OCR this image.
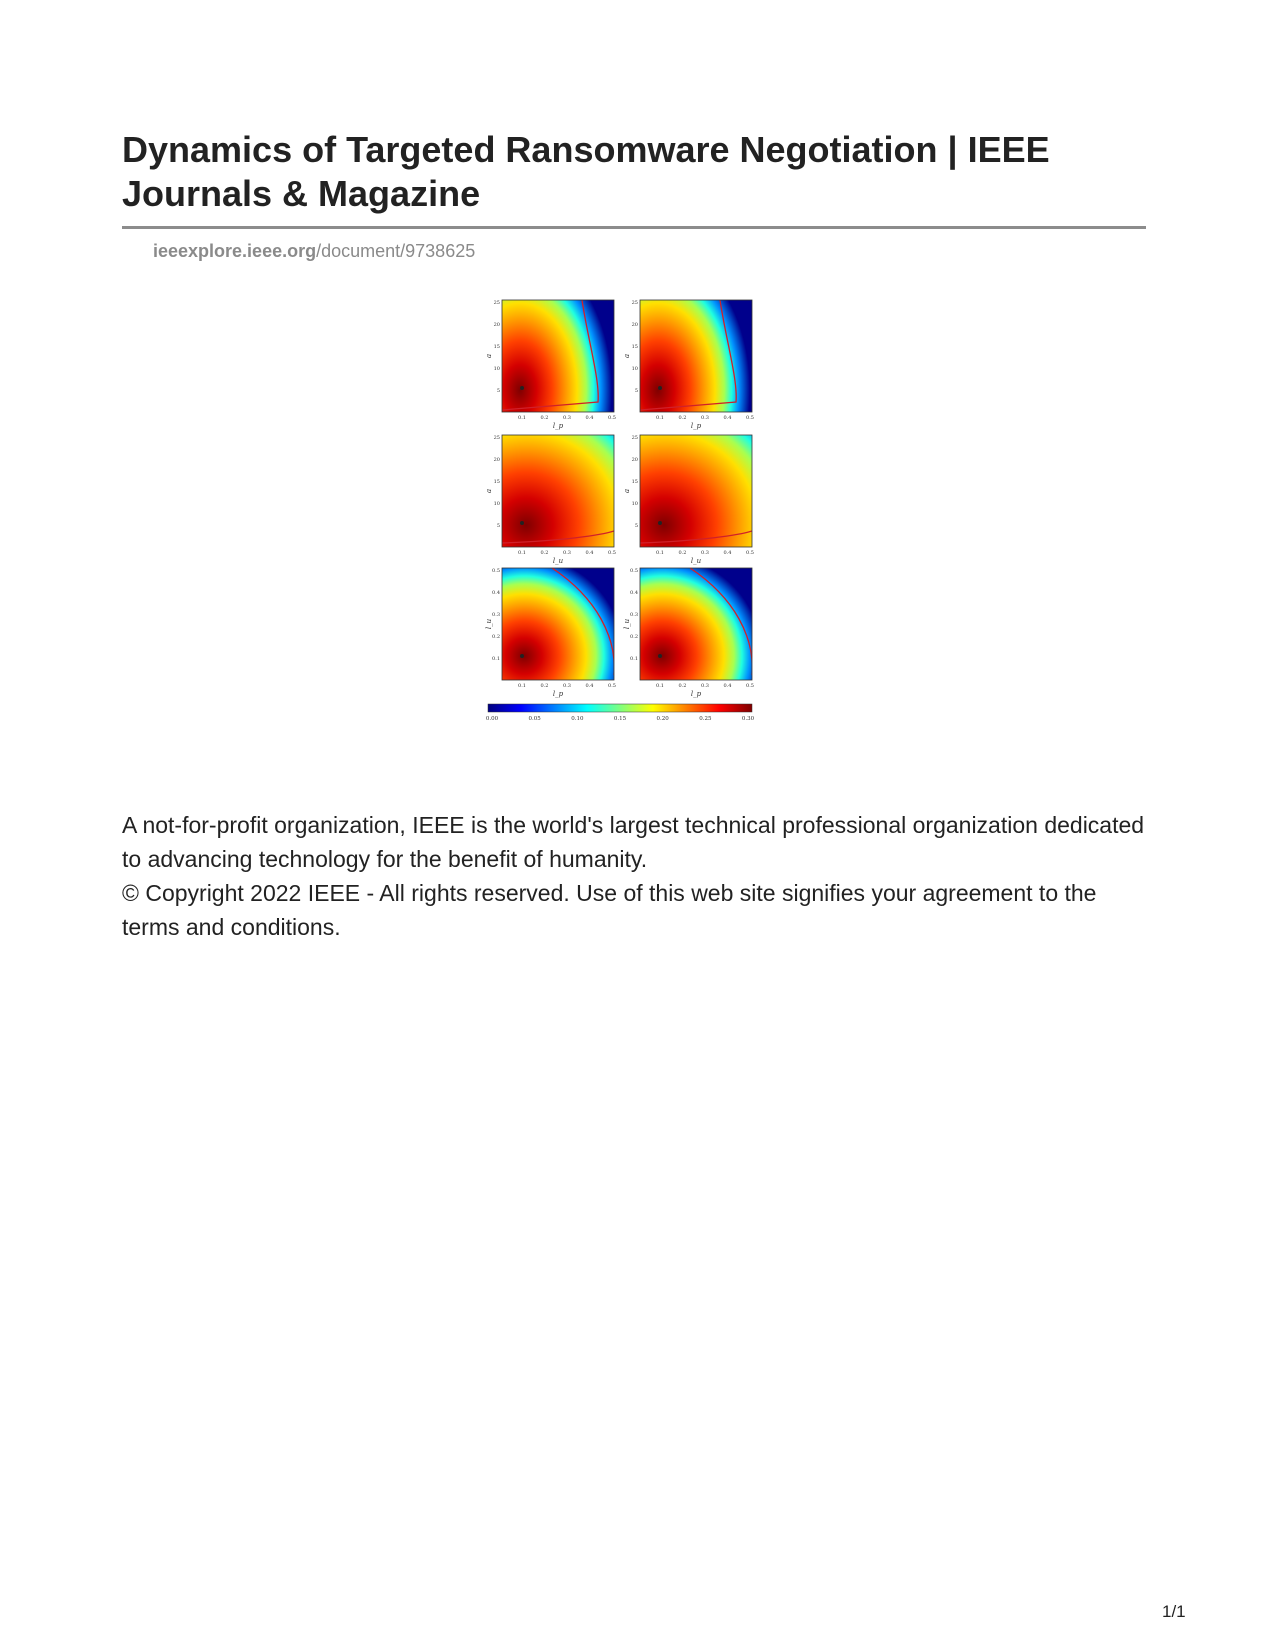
Dynamics of Targeted Ransomware Negotiation | IEEE Journals & Magazine
ieeexplore.ieee.org/document/9738625
25
20
15
10
5
0.1	0.2	0.3	0.4	0.5
l_p
a
25
20
15
10
5
0.1	0.2	0.3	0.4	0.5
l_p
a
25
20
15
10
5
0.1	0.2	0.3	0.4	0.5
l_u
a
25
20
15
10
5
0.1	0.2	0.3	0.4	0.5
l_u
a
0.5
0.4
0.3
0.2
0.1
0.1	0.2	0.3	0.4	0.5
l_p
l_u
0.5
0.4
0.3
0.2
0.1
0.1	0.2	0.3	0.4	0.5
l_p
l_u
0.00	0.05	0.10	0.15	0.20	0.25	0.30

A not-for-profit organization, IEEE is the world's largest technical professional organization dedicated to advancing technology for the benefit of humanity.

© Copyright 2022 IEEE - All rights reserved. Use of this web site signifies your agreement to the terms and conditions.

1/1
